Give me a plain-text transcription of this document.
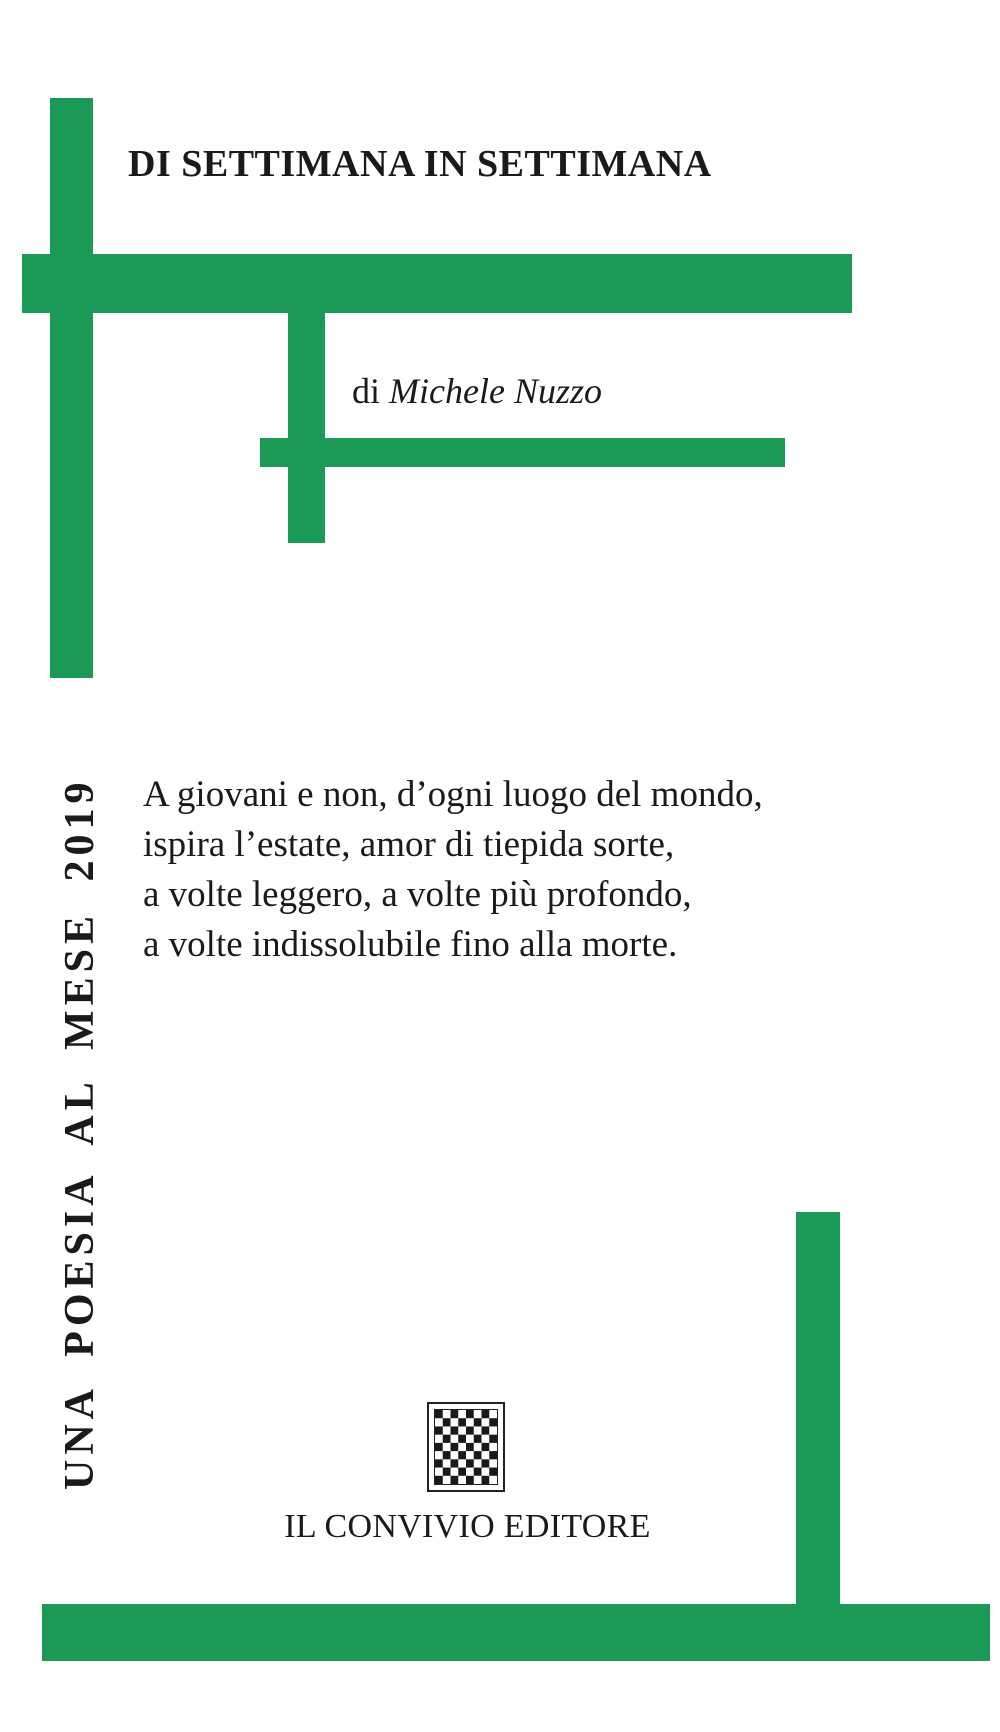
DI SETTIMANA IN SETTIMANA
di Michele Nuzzo
UNA POESIA AL MESE 2019 A giovani e non, d’ogni luogo del mondo,
ispira l’estate, amor di tiepida sorte,
a volte leggero, a volte più profondo,
a volte indissolubile fino alla morte.
IL CONVIVIO EDITORE
